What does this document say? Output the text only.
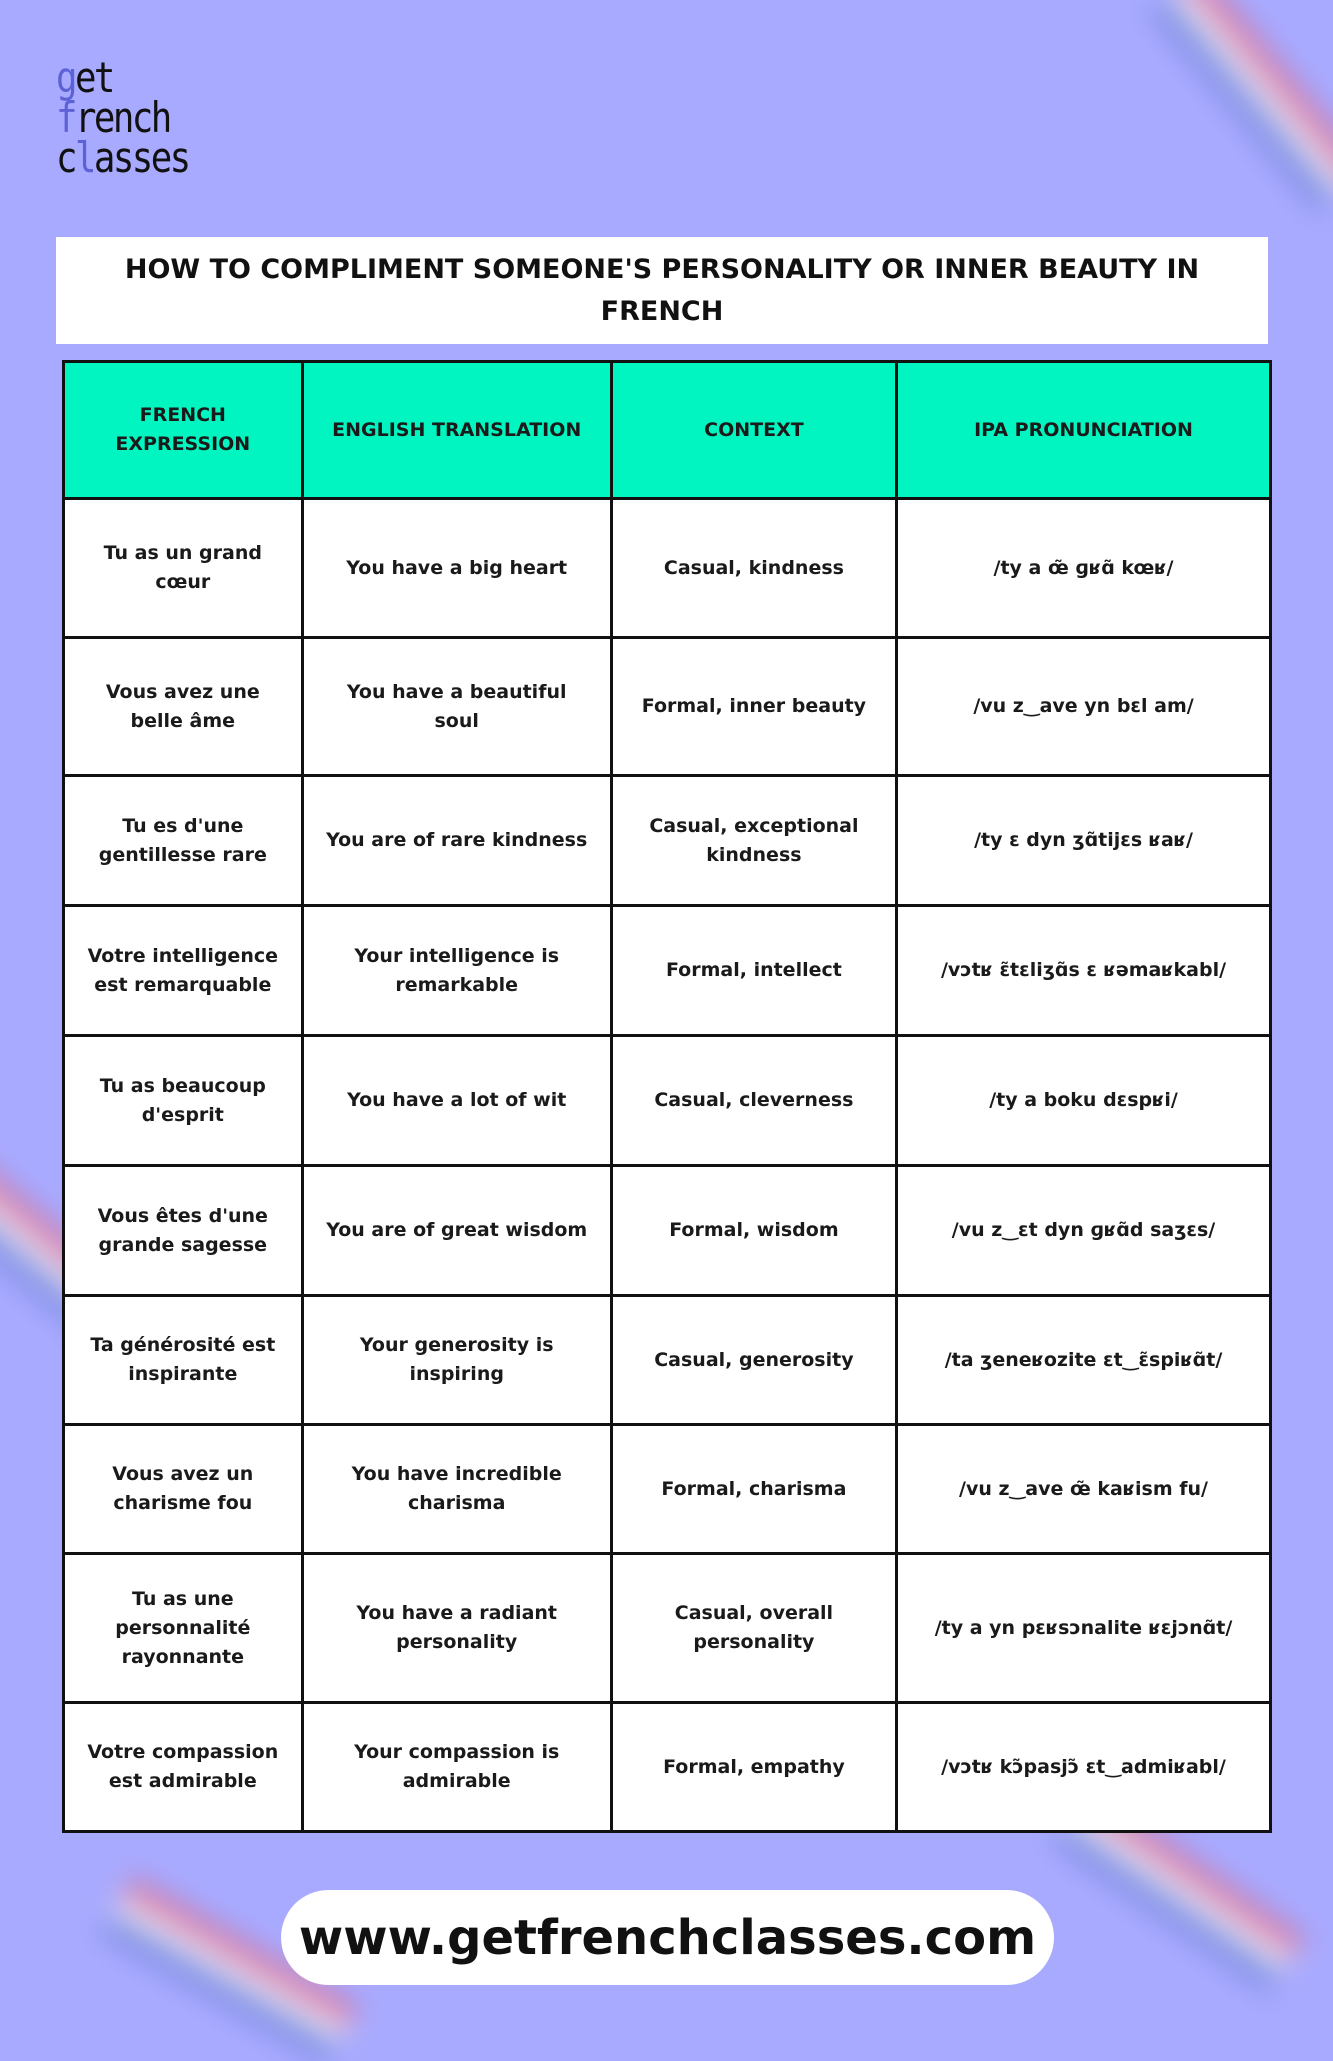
get
french
classes
HOW TO COMPLIMENT SOMEONE'S PERSONALITY OR INNER BEAUTY IN FRENCH
FRENCH EXPRESSION	ENGLISH TRANSLATION	CONTEXT	IPA PRONUNCIATION
Tu as un grand cœur	You have a big heart	Casual, kindness	/ty a œ̃ ɡʁɑ̃ kœʁ/
Vous avez une belle âme	You have a beautiful soul	Formal, inner beauty	/vu z‿ave yn bɛl am/
Tu es d'une gentillesse rare	You are of rare kindness	Casual, exceptional kindness	/ty ɛ dyn ʒɑ̃tijɛs ʁaʁ/
Votre intelligence est remarquable	Your intelligence is remarkable	Formal, intellect	/vɔtʁ ɛ̃tɛliʒɑ̃s ɛ ʁəmaʁkabl/
Tu as beaucoup d'esprit	You have a lot of wit	Casual, cleverness	/ty a boku dɛspʁi/
Vous êtes d'une grande sagesse	You are of great wisdom	Formal, wisdom	/vu z‿ɛt dyn ɡʁɑ̃d saʒɛs/
Ta générosité est inspirante	Your generosity is inspiring	Casual, generosity	/ta ʒeneʁozite ɛt‿ɛ̃spiʁɑ̃t/
Vous avez un charisme fou	You have incredible charisma	Formal, charisma	/vu z‿ave œ̃ kaʁism fu/
Tu as une personnalité rayonnante	You have a radiant personality	Casual, overall personality	/ty a yn pɛʁsɔnalite ʁɛjɔnɑ̃t/
Votre compassion est admirable	Your compassion is admirable	Formal, empathy	/vɔtʁ kɔ̃pasjɔ̃ ɛt‿admiʁabl/
www.getfrenchclasses.com
